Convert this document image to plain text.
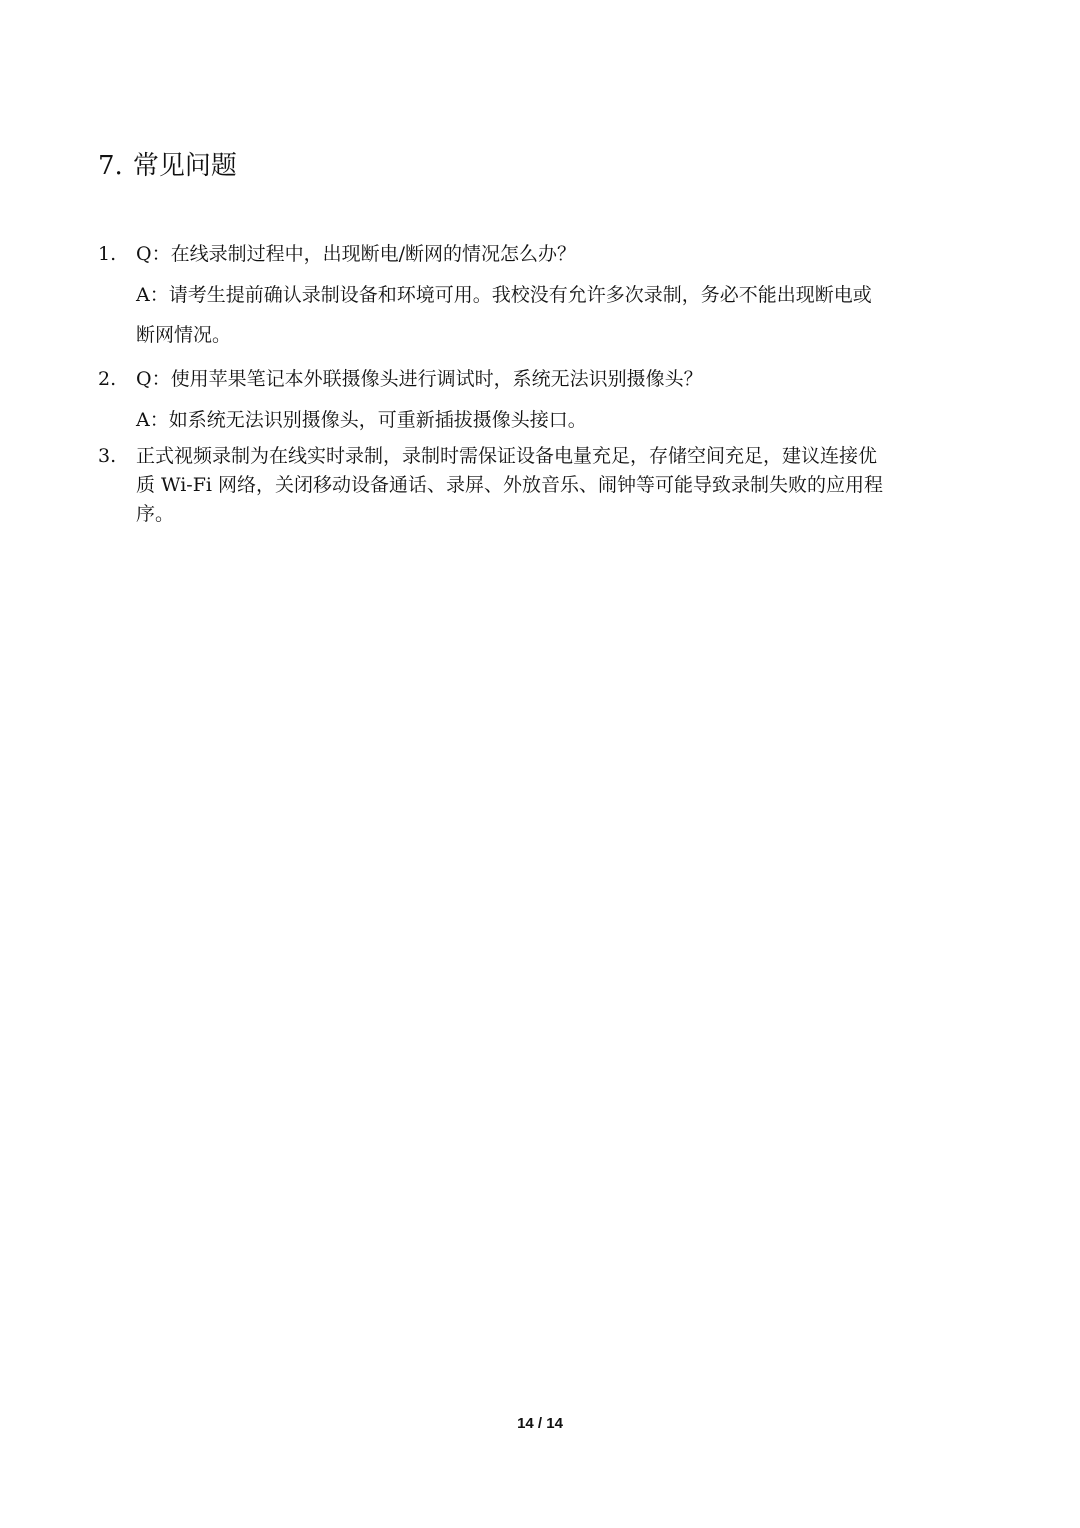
7. 常见问题
1. Q：在线录制过程中，出现断电/断网的情况怎么办？
A：请考生提前确认录制设备和环境可用。我校没有允许多次录制，务必不能出现断电或
断网情况。
2. Q：使用苹果笔记本外联摄像头进行调试时，系统无法识别摄像头？
A：如系统无法识别摄像头，可重新插拔摄像头接口。
3. 正式视频录制为在线实时录制，录制时需保证设备电量充足，存储空间充足，建议连接优
质 Wi-Fi 网络，关闭移动设备通话、录屏、外放音乐、闹钟等可能导致录制失败的应用程
序。
14 / 14
